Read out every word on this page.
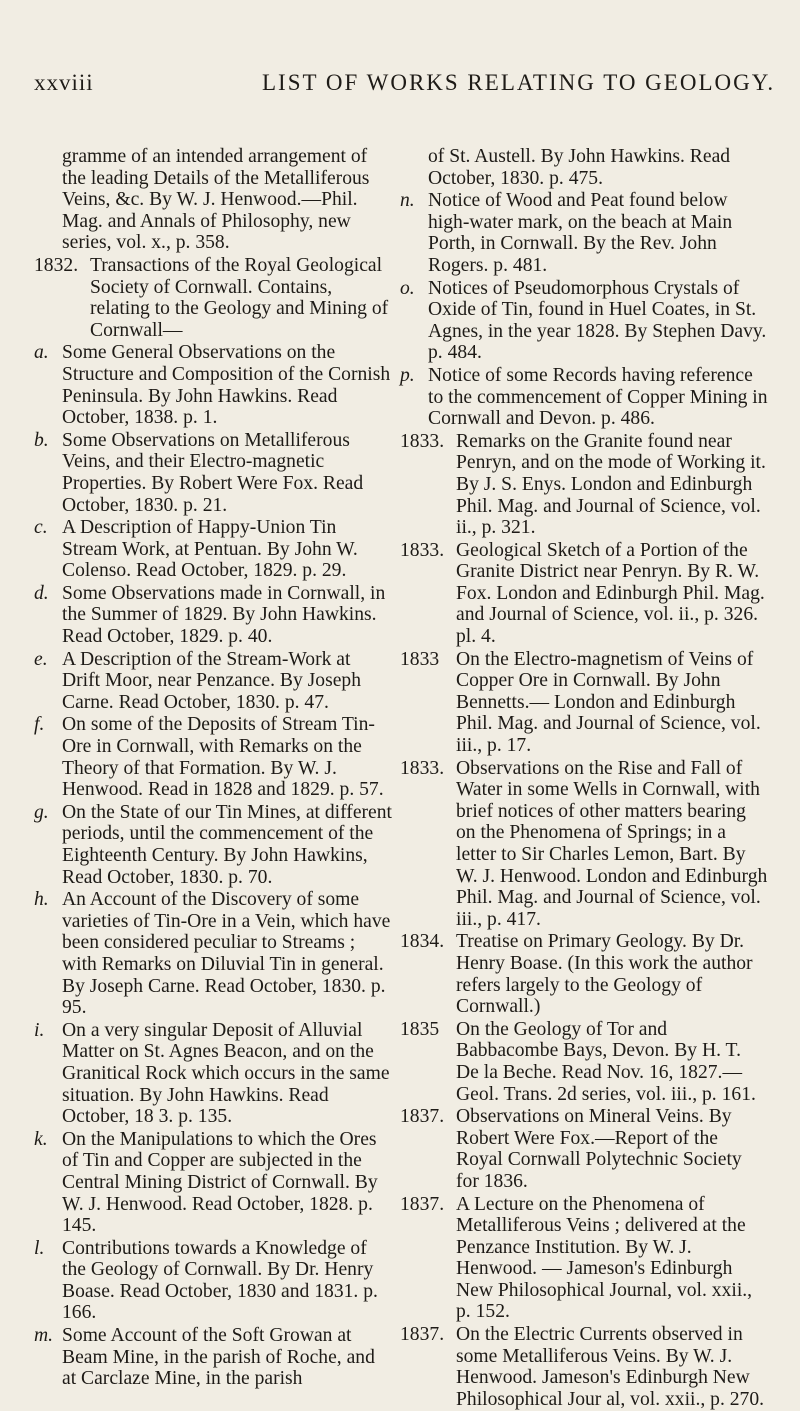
xxviii	LIST OF WORKS RELATING TO GEOLOGY.
gramme of an intended arrangement of the leading Details of the Metalliferous Veins, &c. By W. J. Henwood.—Phil. Mag. and Annals of Philosophy, new series, vol. x., p. 358.
1832. Transactions of the Royal Geological Society of Cornwall. Contains, relating to the Geology and Mining of Cornwall—
a. Some General Observations on the Structure and Composition of the Cornish Peninsula. By John Hawkins. Read October, 1838. p. 1.
b. Some Observations on Metalliferous Veins, and their Electro-magnetic Properties. By Robert Were Fox. Read October, 1830. p. 21.
c. A Description of Happy-Union Tin Stream Work, at Pentuan. By John W. Colenso. Read October, 1829. p. 29.
d. Some Observations made in Cornwall, in the Summer of 1829. By John Hawkins. Read October, 1829. p. 40.
e. A Description of the Stream-Work at Drift Moor, near Penzance. By Joseph Carne. Read October, 1830. p. 47.
f. On some of the Deposits of Stream Tin-Ore in Cornwall, with Remarks on the Theory of that Formation. By W. J. Henwood. Read in 1828 and 1829. p. 57.
g. On the State of our Tin Mines, at different periods, until the commencement of the Eighteenth Century. By John Hawkins, Read October, 1830. p. 70.
h. An Account of the Discovery of some varieties of Tin-Ore in a Vein, which have been considered peculiar to Streams ; with Remarks on Diluvial Tin in general. By Joseph Carne. Read October, 1830. p. 95.
i. On a very singular Deposit of Alluvial Matter on St. Agnes Beacon, and on the Granitical Rock which occurs in the same situation. By John Hawkins. Read October, 18 3. p. 135.
k. On the Manipulations to which the Ores of Tin and Copper are subjected in the Central Mining District of Cornwall. By W. J. Henwood. Read October, 1828. p. 145.
l. Contributions towards a Knowledge of the Geology of Cornwall. By Dr. Henry Boase. Read October, 1830 and 1831. p. 166.
m. Some Account of the Soft Growan at Beam Mine, in the parish of Roche, and at Carclaze Mine, in the parish
of St. Austell. By John Hawkins. Read October, 1830. p. 475.
n. Notice of Wood and Peat found below high-water mark, on the beach at Main Porth, in Cornwall. By the Rev. John Rogers. p. 481.
o. Notices of Pseudomorphous Crystals of Oxide of Tin, found in Huel Coates, in St. Agnes, in the year 1828. By Stephen Davy. p. 484.
p. Notice of some Records having reference to the commencement of Copper Mining in Cornwall and Devon. p. 486.
1833. Remarks on the Granite found near Penryn, and on the mode of Working it. By J. S. Enys. London and Edinburgh Phil. Mag. and Journal of Science, vol. ii., p. 321.
1833. Geological Sketch of a Portion of the Granite District near Penryn. By R. W. Fox. London and Edinburgh Phil. Mag. and Journal of Science, vol. ii., p. 326. pl. 4.
1833 On the Electro-magnetism of Veins of Copper Ore in Cornwall. By John Bennetts.— London and Edinburgh Phil. Mag. and Journal of Science, vol. iii., p. 17.
1833. Observations on the Rise and Fall of Water in some Wells in Cornwall, with brief notices of other matters bearing on the Phenomena of Springs; in a letter to Sir Charles Lemon, Bart. By W. J. Henwood. London and Edinburgh Phil. Mag. and Journal of Science, vol. iii., p. 417.
1834. Treatise on Primary Geology. By Dr. Henry Boase. (In this work the author refers largely to the Geology of Cornwall.)
1835 On the Geology of Tor and Babbacombe Bays, Devon. By H. T. De la Beche. Read Nov. 16, 1827.— Geol. Trans. 2d series, vol. iii., p. 161.
1837. Observations on Mineral Veins. By Robert Were Fox.—Report of the Royal Cornwall Polytechnic Society for 1836.
1837. A Lecture on the Phenomena of Metalliferous Veins ; delivered at the Penzance Institution. By W. J. Henwood. — Jameson's Edinburgh New Philosophical Journal, vol. xxii., p. 152.
1837. On the Electric Currents observed in some Metalliferous Veins. By W. J. Henwood. Jameson's Edinburgh New Philosophical Jour al, vol. xxii., p. 270.
